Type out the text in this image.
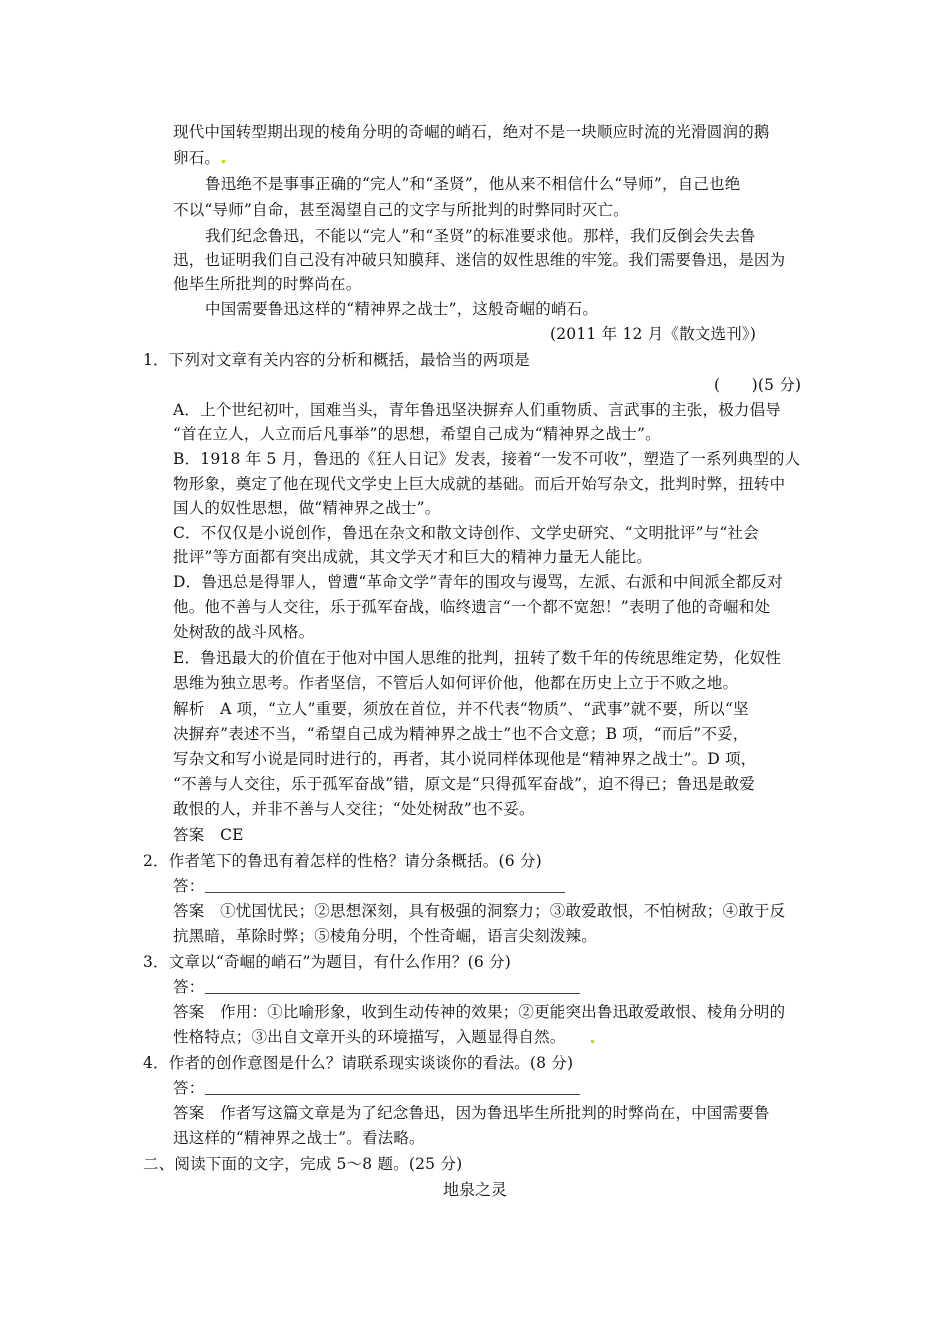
现代中国转型期出现的棱角分明的奇崛的峭石，绝对不是一块顺应时流的光滑圆润的鹅
卵石。
鲁迅绝不是事事正确的“完人”和“圣贤”，他从来不相信什么“导师”，自己也绝
不以“导师”自命，甚至渴望自己的文字与所批判的时弊同时灭亡。
我们纪念鲁迅，不能以“完人”和“圣贤”的标准要求他。那样，我们反倒会失去鲁
迅，也证明我们自己没有冲破只知膜拜、迷信的奴性思维的牢笼。我们需要鲁迅，是因为
他毕生所批判的时弊尚在。
中国需要鲁迅这样的“精神界之战士”，这般奇崛的峭石。
(2011 年 12 月《散文选刊》)
1．下列对文章有关内容的分析和概括，最恰当的两项是
(　　)(5 分)
A．上个世纪初叶，国难当头，青年鲁迅坚决摒弃人们重物质、言武事的主张，极力倡导
“首在立人，人立而后凡事举”的思想，希望自己成为“精神界之战士”。
B．1918 年 5 月，鲁迅的《狂人日记》发表，接着“一发不可收”，塑造了一系列典型的人
物形象，奠定了他在现代文学史上巨大成就的基础。而后开始写杂文，批判时弊，扭转中
国人的奴性思想，做“精神界之战士”。
C．不仅仅是小说创作，鲁迅在杂文和散文诗创作、文学史研究、“文明批评”与“社会
批评”等方面都有突出成就，其文学天才和巨大的精神力量无人能比。
D．鲁迅总是得罪人，曾遭“革命文学”青年的围攻与谩骂，左派、右派和中间派全都反对
他。他不善与人交往，乐于孤军奋战，临终遗言“一个都不宽恕！”表明了他的奇崛和处
处树敌的战斗风格。
E．鲁迅最大的价值在于他对中国人思维的批判，扭转了数千年的传统思维定势，化奴性
思维为独立思考。作者坚信，不管后人如何评价他，他都在历史上立于不败之地。
解析　A 项，“立人”重要，须放在首位，并不代表“物质”、“武事”就不要，所以“坚
决摒弃”表述不当，“希望自己成为精神界之战士”也不合文意；B 项，“而后”不妥，
写杂文和写小说是同时进行的，再者，其小说同样体现他是“精神界之战士”。D 项，
“不善与人交往，乐于孤军奋战”错，原文是“只得孤军奋战”，迫不得已；鲁迅是敢爱
敢恨的人，并非不善与人交往；“处处树敌”也不妥。
答案　CE
2．作者笔下的鲁迅有着怎样的性格？请分条概括。(6 分)
答：
答案　①忧国忧民；②思想深刻，具有极强的洞察力；③敢爱敢恨，不怕树敌；④敢于反
抗黑暗，革除时弊；⑤棱角分明，个性奇崛，语言尖刻泼辣。
3．文章以“奇崛的峭石”为题目，有什么作用？(6 分)
答：
答案　作用：①比喻形象，收到生动传神的效果；②更能突出鲁迅敢爱敢恨、棱角分明的
性格特点；③出自文章开头的环境描写，入题显得自然。
4．作者的创作意图是什么？请联系现实谈谈你的看法。(8 分)
答：
答案　作者写这篇文章是为了纪念鲁迅，因为鲁迅毕生所批判的时弊尚在，中国需要鲁
迅这样的“精神界之战士”。看法略。
二、阅读下面的文字，完成 5～8 题。(25 分)
地泉之灵
